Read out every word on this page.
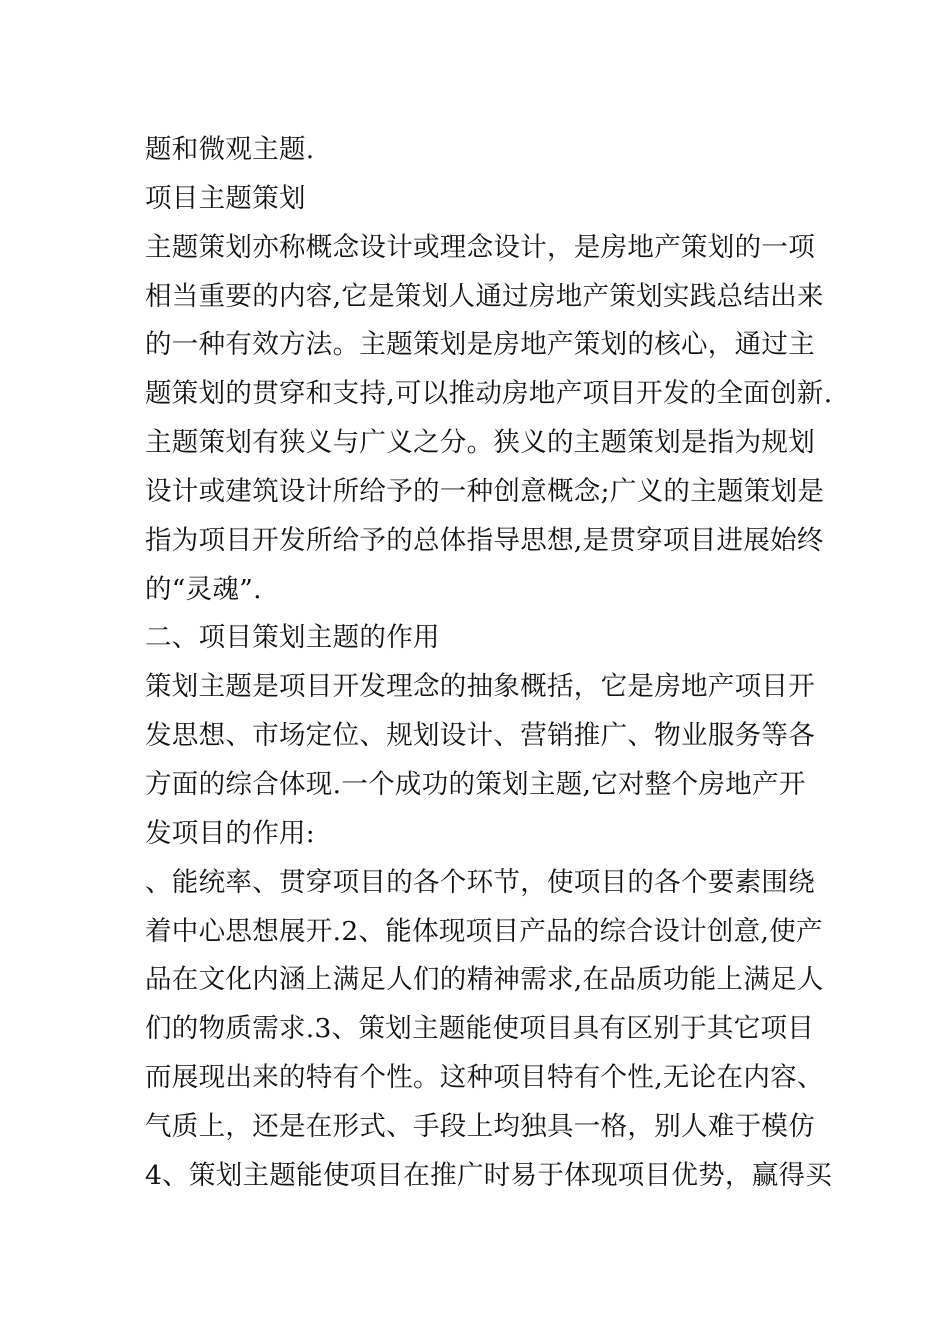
题和微观主题.
项目主题策划
主题策划亦称概念设计或理念设计，是房地产策划的一项
相当重要的内容,它是策划人通过房地产策划实践总结出来
的一种有效方法。主题策划是房地产策划的核心，通过主
题策划的贯穿和支持,可以推动房地产项目开发的全面创新.
主题策划有狭义与广义之分。狭义的主题策划是指为规划
设计或建筑设计所给予的一种创意概念;广义的主题策划是
指为项目开发所给予的总体指导思想,是贯穿项目进展始终
的“灵魂”.
二、项目策划主题的作用
策划主题是项目开发理念的抽象概括，它是房地产项目开
发思想、市场定位、规划设计、营销推广、物业服务等各
方面的综合体现.一个成功的策划主题,它对整个房地产开
发项目的作用:
、能统率、贯穿项目的各个环节，使项目的各个要素围绕
着中心思想展开.2、能体现项目产品的综合设计创意,使产
品在文化内涵上满足人们的精神需求,在品质功能上满足人
们的物质需求.3、策划主题能使项目具有区别于其它项目
而展现出来的特有个性。这种项目特有个性,无论在内容、
气质上，还是在形式、手段上均独具一格，别人难于模仿
4、策划主题能使项目在推广时易于体现项目优势，赢得买
